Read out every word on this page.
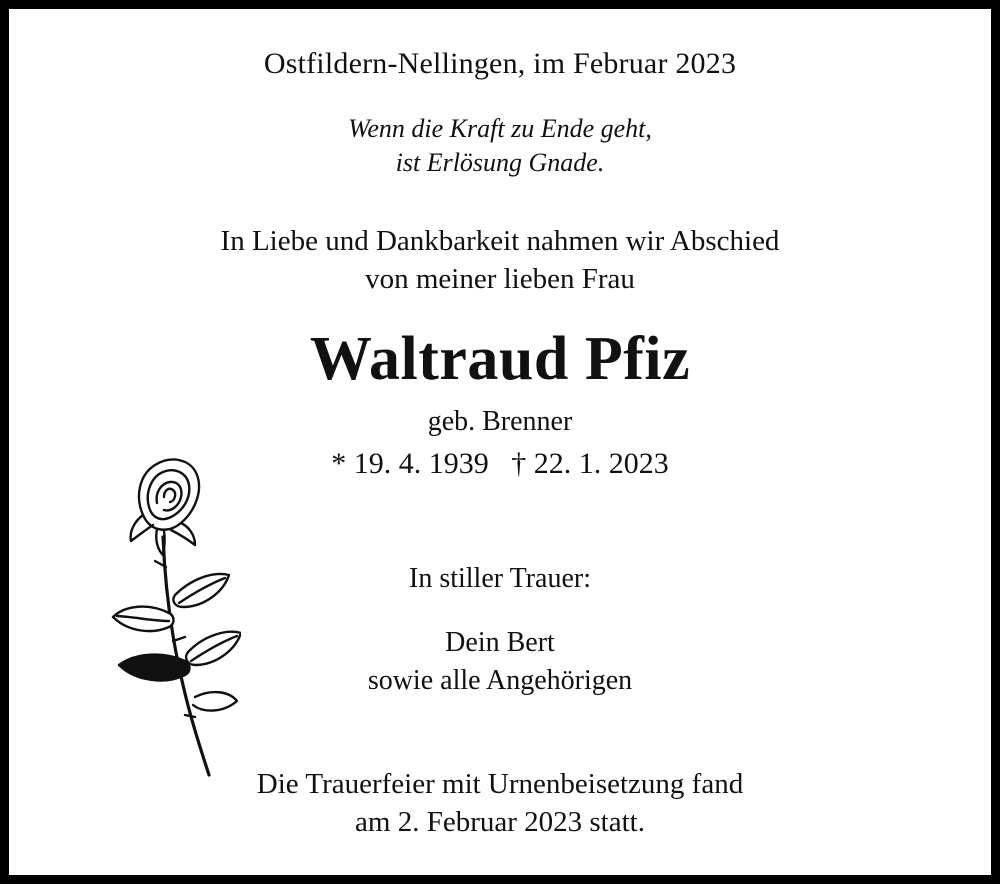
Ostfildern-Nellingen, im Februar 2023
Wenn die Kraft zu Ende geht,
ist Erlösung Gnade.
In Liebe und Dankbarkeit nahmen wir Abschied
von meiner lieben Frau
Waltraud Pfiz
geb. Brenner
* 19. 4. 1939   † 22. 1. 2023
In stiller Trauer:
Dein Bert
sowie alle Angehörigen
Die Trauerfeier mit Urnenbeisetzung fand
am 2. Februar 2023 statt.
